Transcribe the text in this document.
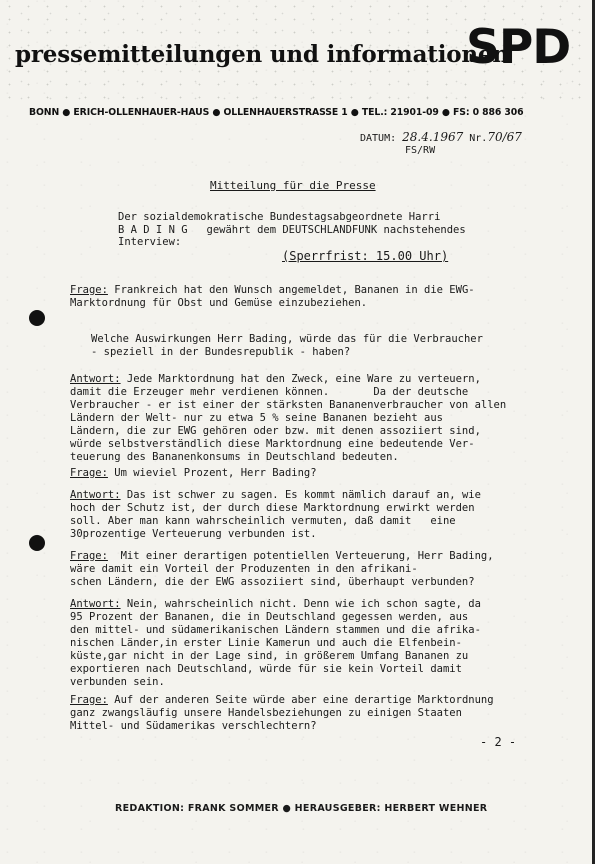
pressemitteilungen und informationen
SPD
BONN ● ERICH-OLLENHAUER-HAUS ● OLLENHAUERSTRASSE 1 ● TEL.: 21901-09 ● FS: 0 886 306
DATUM: 28.4.1967 Nr.70/67
FS/RW
Mitteilung für die Presse
Der sozialdemokratische Bundestagsabgeordnete Harri
B A D I N G   gewährt dem DEUTSCHLANDFUNK nachstehendes
Interview:
(Sperrfrist: 15.00 Uhr)
Frage: Frankreich hat den Wunsch angemeldet, Bananen in die EWG-
Marktordnung für Obst und Gemüse einzubeziehen.
Welche Auswirkungen Herr Bading, würde das für die Verbraucher
- speziell in der Bundesrepublik - haben?
Antwort: Jede Marktordnung hat den Zweck, eine Ware zu verteuern,
damit die Erzeuger mehr verdienen können.       Da der deutsche
Verbraucher - er ist einer der stärksten Bananenverbraucher von allen
Ländern der Welt- nur zu etwa 5 % seine Bananen bezieht aus
Ländern, die zur EWG gehören oder bzw. mit denen assoziiert sind,
würde selbstverständlich diese Marktordnung eine bedeutende Ver-
teuerung des Bananenkonsums in Deutschland bedeuten.
Frage: Um wieviel Prozent, Herr Bading?
Antwort: Das ist schwer zu sagen. Es kommt nämlich darauf an, wie
hoch der Schutz ist, der durch diese Marktordnung erwirkt werden
soll. Aber man kann wahrscheinlich vermuten, daß damit   eine
30prozentige Verteuerung verbunden ist.
Frage:  Mit einer derartigen potentiellen Verteuerung, Herr Bading,
wäre damit ein Vorteil der Produzenten in den afrikani-
schen Ländern, die der EWG assoziiert sind, überhaupt verbunden?
Antwort: Nein, wahrscheinlich nicht. Denn wie ich schon sagte, da
95 Prozent der Bananen, die in Deutschland gegessen werden, aus
den mittel- und südamerikanischen Ländern stammen und die afrika-
nischen Länder,in erster Linie Kamerun und auch die Elfenbein-
küste,gar nicht in der Lage sind, in größerem Umfang Bananen zu
exportieren nach Deutschland, würde für sie kein Vorteil damit
verbunden sein.
Frage: Auf der anderen Seite würde aber eine derartige Marktordnung
ganz zwangsläufig unsere Handelsbeziehungen zu einigen Staaten
Mittel- und Südamerikas verschlechtern?
- 2 -
REDAKTION: FRANK SOMMER ● HERAUSGEBER: HERBERT WEHNER
